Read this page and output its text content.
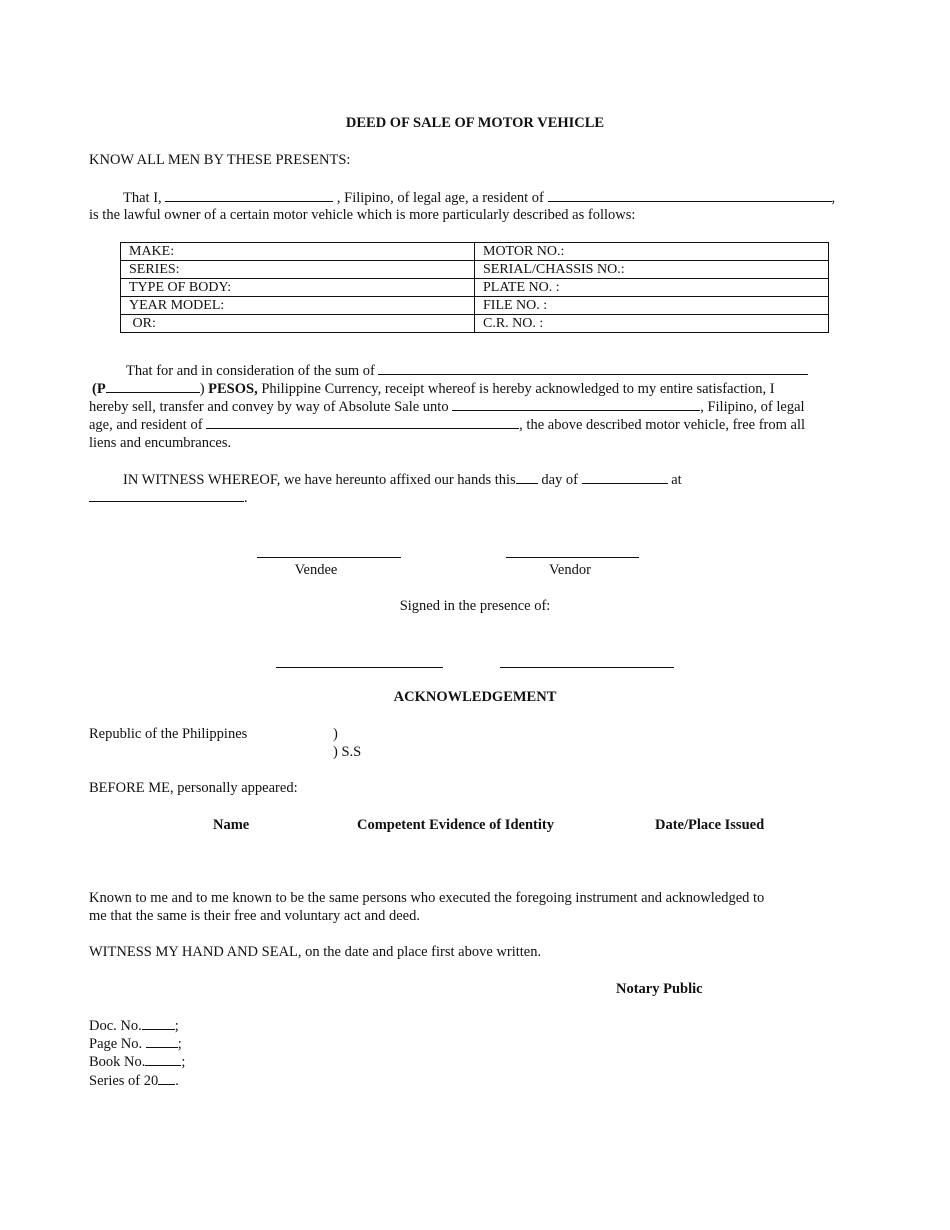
DEED OF SALE OF MOTOR VEHICLE
KNOW ALL MEN BY THESE PRESENTS:
That I,	, Filipino, of legal age, a resident of	,
is the lawful owner of a certain motor vehicle which is more particularly described as follows:
MAKE:	MOTOR NO.:
SERIES:	SERIAL/CHASSIS NO.:
TYPE OF BODY:	PLATE NO. :
YEAR MODEL:	FILE NO. :
OR:	C.R. NO. :
That for and in consideration of the sum of
(P	) PESOS, Philippine Currency, receipt whereof is hereby acknowledged to my entire satisfaction, I
hereby sell, transfer and convey by way of Absolute Sale unto	, Filipino, of legal
age, and resident of	, the above described motor vehicle, free from all
liens and encumbrances.
IN WITNESS WHEREOF, we have hereunto affixed our hands this day of	at
.
Vendee	Vendor
Signed in the presence of:
ACKNOWLEDGEMENT
Republic of the Philippines	)
) S.S
BEFORE ME, personally appeared:
Name	Competent Evidence of Identity	Date/Place Issued
Known to me and to me known to be the same persons who executed the foregoing instrument and acknowledged to
me that the same is their free and voluntary act and deed.
WITNESS MY HAND AND SEAL, on the date and place first above written.
Notary Public
Doc. No. ;
Page No. ;
Book No. ;
Series of 20 .
